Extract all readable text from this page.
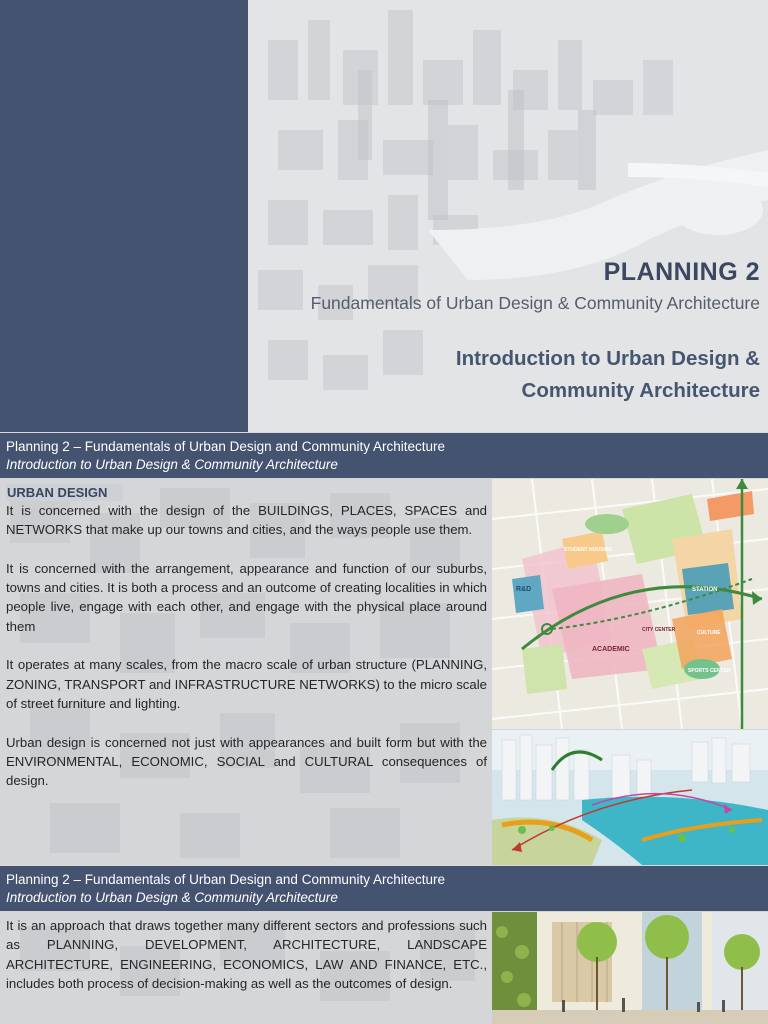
PLANNING 2
Fundamentals of Urban Design & Community Architecture
Introduction to Urban Design &
Community Architecture
Planning 2 – Fundamentals of Urban Design and Community Architecture
Introduction to Urban Design & Community Architecture
URBAN DESIGN

It is concerned with the design of the BUILDINGS, PLACES, SPACES and NETWORKS that make up our towns and cities, and the ways people use them.

It is concerned with the arrangement, appearance and function of our suburbs, towns and cities. It is both a process and an outcome of creating localities in which people live, engage with each other, and engage with the physical place around them

It operates at many scales, from the macro scale of urban structure (PLANNING, ZONING, TRANSPORT and INFRASTRUCTURE NETWORKS) to the micro scale of street furniture and lighting.

Urban design is concerned not just with appearances and built form but with the ENVIRONMENTAL, ECONOMIC, SOCIAL and CULTURAL consequences of design.

R&D
STUDENT HOUSING
STATION
ACADEMIC
CULTURE
SPORTS CENTER
CITY CENTER
Planning 2 – Fundamentals of Urban Design and Community Architecture
Introduction to Urban Design & Community Architecture

It is an approach that draws together many different sectors and professions such as PLANNING, DEVELOPMENT, ARCHITECTURE, LANDSCAPE ARCHITECTURE, ENGINEERING, ECONOMICS, LAW AND FINANCE, ETC., includes both process of decision-making as well as the outcomes of design.
